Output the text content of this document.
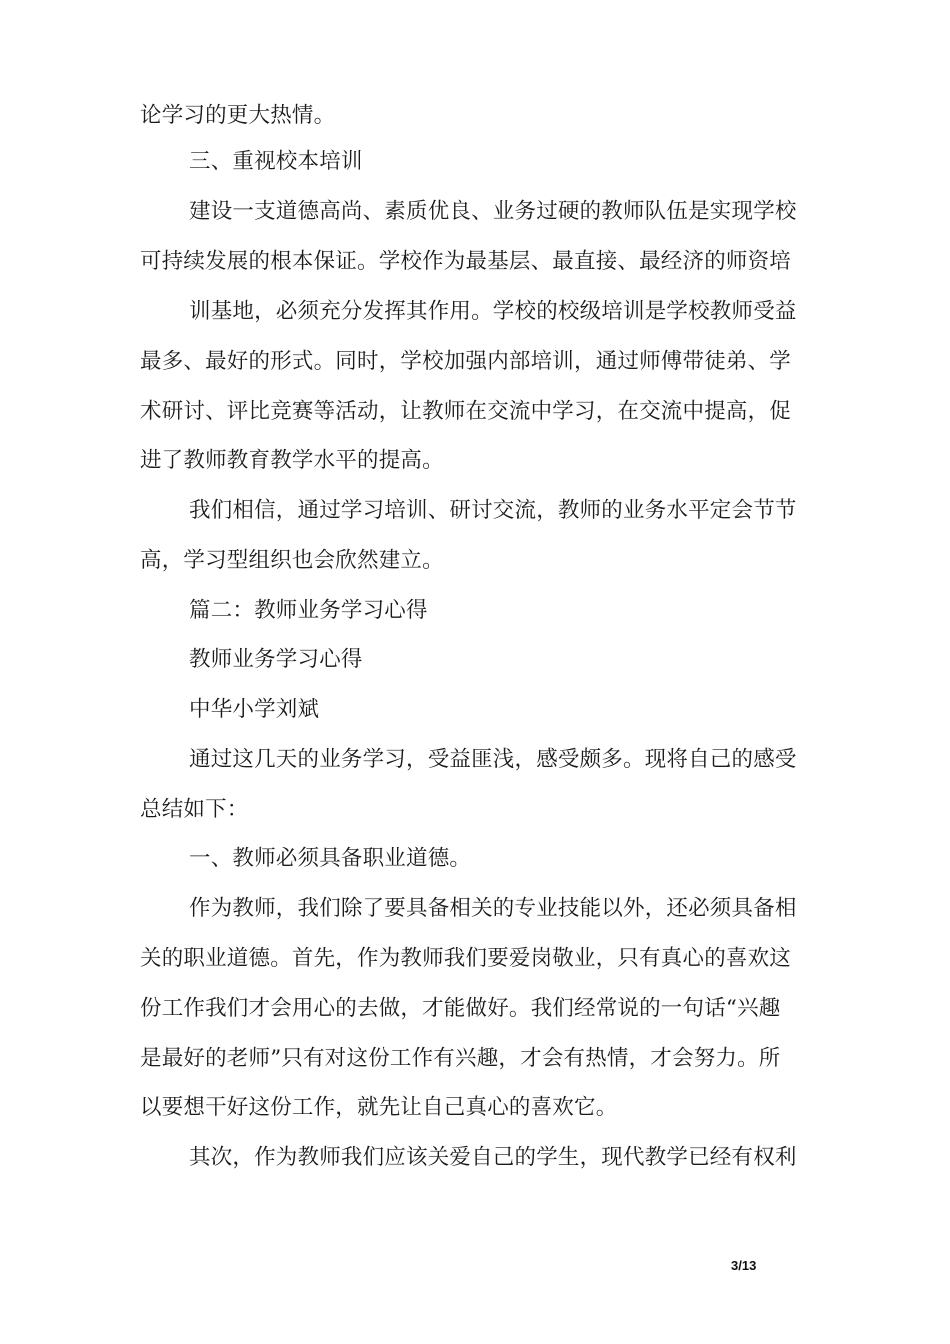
论学习的更大热情。
三、重视校本培训
建设一支道德高尚、素质优良、业务过硬的教师队伍是实现学校
可持续发展的根本保证。学校作为最基层、最直接、最经济的师资培
训基地，必须充分发挥其作用。学校的校级培训是学校教师受益
最多、最好的形式。同时，学校加强内部培训，通过师傅带徒弟、学
术研讨、评比竞赛等活动，让教师在交流中学习，在交流中提高，促
进了教师教育教学水平的提高。
我们相信，通过学习培训、研讨交流，教师的业务水平定会节节
高，学习型组织也会欣然建立。
篇二：教师业务学习心得
教师业务学习心得
中华小学刘斌
通过这几天的业务学习，受益匪浅，感受颇多。现将自己的感受
总结如下：
一、教师必须具备职业道德。
作为教师，我们除了要具备相关的专业技能以外，还必须具备相
关的职业道德。首先，作为教师我们要爱岗敬业，只有真心的喜欢这
份工作我们才会用心的去做，才能做好。我们经常说的一句话“兴趣
是最好的老师”只有对这份工作有兴趣，才会有热情，才会努力。所
以要想干好这份工作，就先让自己真心的喜欢它。
其次，作为教师我们应该关爱自己的学生，现代教学已经有权利
3/13
